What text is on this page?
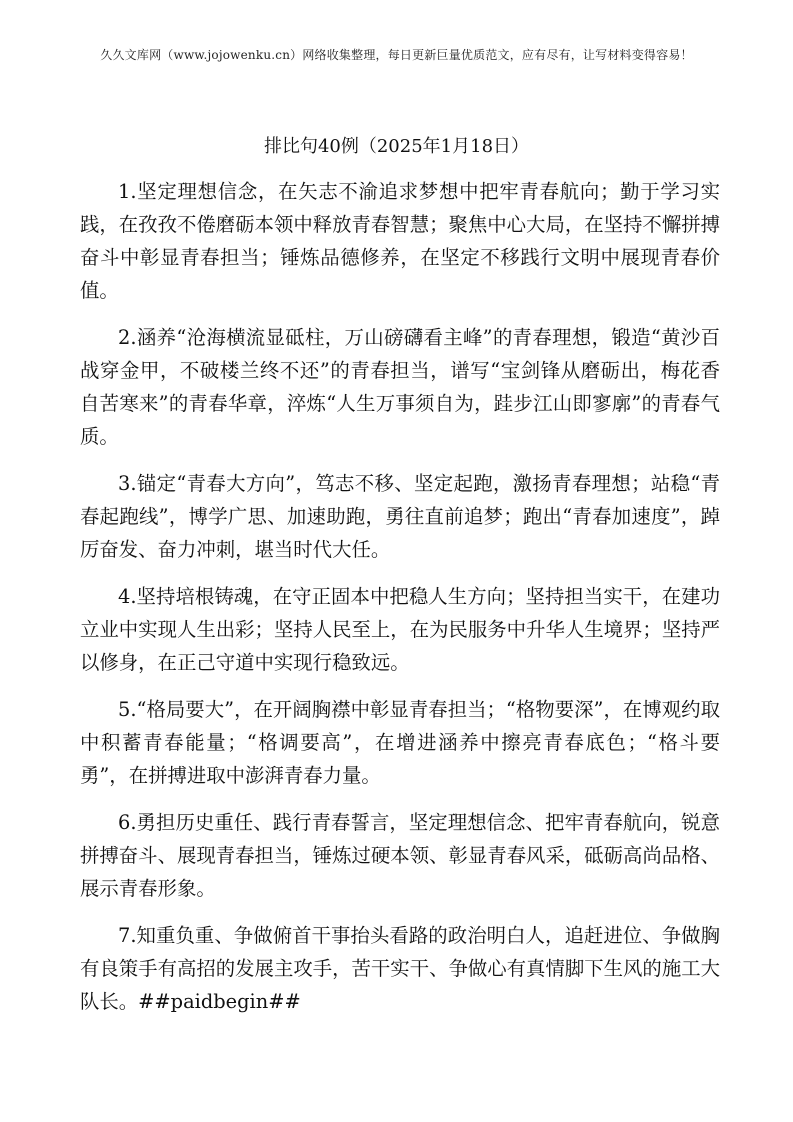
久久文库网（www.jojowenku.cn）网络收集整理，每日更新巨量优质范文，应有尽有，让写材料变得容易！
排比句40例（2025年1月18日）

1.坚定理想信念，在矢志不渝追求梦想中把牢青春航向；勤于学习实践，在孜孜不倦磨砺本领中释放青春智慧；聚焦中心大局，在坚持不懈拼搏奋斗中彰显青春担当；锤炼品德修养，在坚定不移践行文明中展现青春价值。

2.涵养“沧海横流显砥柱，万山磅礴看主峰”的青春理想，锻造“黄沙百战穿金甲，不破楼兰终不还”的青春担当，谱写“宝剑锋从磨砺出，梅花香自苦寒来”的青春华章，淬炼“人生万事须自为，跬步江山即寥廓”的青春气质。

3.锚定“青春大方向”，笃志不移、坚定起跑，激扬青春理想；站稳“青春起跑线”，博学广思、加速助跑，勇往直前追梦；跑出“青春加速度”，踔厉奋发、奋力冲刺，堪当时代大任。

4.坚持培根铸魂，在守正固本中把稳人生方向；坚持担当实干，在建功立业中实现人生出彩；坚持人民至上，在为民服务中升华人生境界；坚持严以修身，在正己守道中实现行稳致远。

5.“格局要大”，在开阔胸襟中彰显青春担当；“格物要深”，在博观约取中积蓄青春能量；“格调要高”，在增进涵养中擦亮青春底色；“格斗要勇”，在拼搏进取中澎湃青春力量。

6.勇担历史重任、践行青春誓言，坚定理想信念、把牢青春航向，锐意拼搏奋斗、展现青春担当，锤炼过硬本领、彰显青春风采，砥砺高尚品格、展示青春形象。

7.知重负重、争做俯首干事抬头看路的政治明白人，追赶进位、争做胸有良策手有高招的发展主攻手，苦干实干、争做心有真情脚下生风的施工大队长。##paidbegin##
